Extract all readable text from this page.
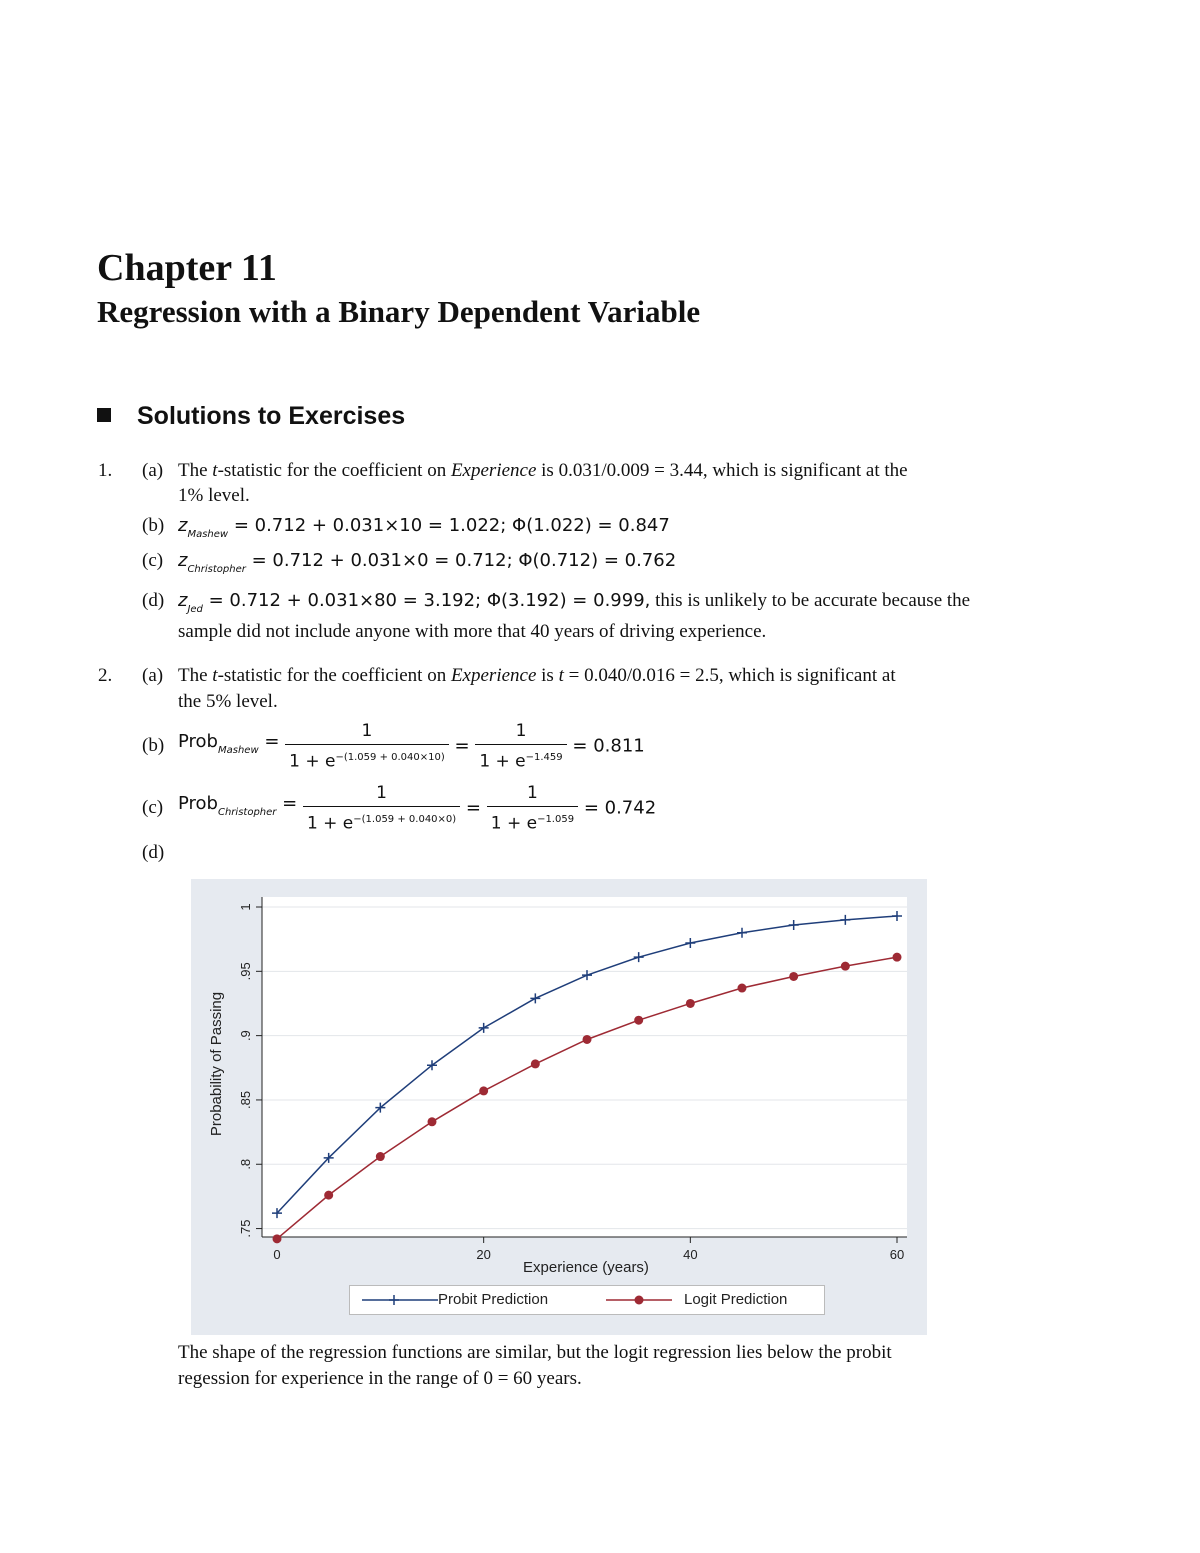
Chapter 11
Regression with a Binary Dependent Variable
Solutions to Exercises
1. (a) The t-statistic for the coefficient on Experience is 0.031/0.009 = 3.44, which is significant at the
1% level.
(b) $z_{Mashew} = 0.712 + 0.031\times 10 = 1.022$; Φ(1.022) = 0.847
(c) $z_{Christopher} = 0.712 + 0.031\times 0 = 0.712$; Φ(0.712) = 0.762
(d) $z_{Jed} = 0.712 + 0.031\times 80 = 3.192$; Φ(3.192) = 0.999, this is unlikely to be accurate because the
sample did not include anyone with more that 40 years of driving experience.
2. (a) The t-statistic for the coefficient on Experience is t = 0.040/0.016 = 2.5, which is significant at
the 5% level.
(b) Prob$_{Mashew}$ = $\frac{1}{1 + e^{-(1.059 + 0.040\times 10)}} = \frac{1}{1 + e^{-1.459}} = 0.811$
(c) Prob$_{Christopher}$ = $\frac{1}{1 + e^{-(1.059 + 0.040\times 0)}} = \frac{1}{1 + e^{-1.059}} = 0.742$
(d)
.75
.8
.85
.9
.95
1
0	20	40	60
Experience (years)
Probability of Passing
Probit Prediction	Logit Prediction
The shape of the regression functions are similar, but the logit regression lies below the probit
regession for experience in the range of 0 = 60 years.
